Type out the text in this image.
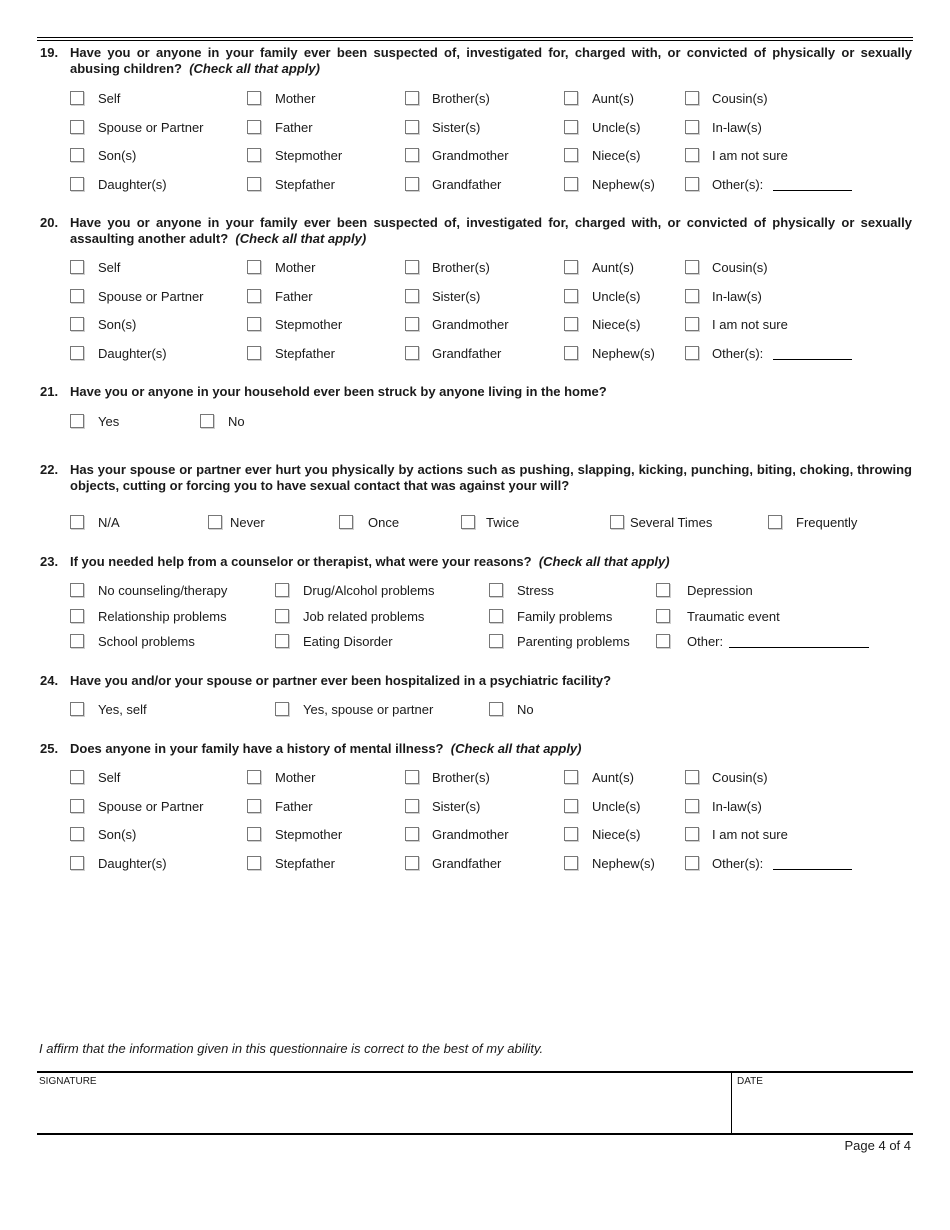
19. Have you or anyone in your family ever been suspected of, investigated for, charged with, or convicted of physically or sexually abusing children? (Check all that apply)
Self	Mother	Brother(s)	Aunt(s)	Cousin(s)
Spouse or Partner	Father	Sister(s)	Uncle(s)	In-law(s)
Son(s)	Stepmother	Grandmother	Niece(s)	I am not sure
Daughter(s)	Stepfather	Grandfather	Nephew(s)	Other(s):
20. Have you or anyone in your family ever been suspected of, investigated for, charged with, or convicted of physically or sexually assaulting another adult? (Check all that apply)
Self	Mother	Brother(s)	Aunt(s)	Cousin(s)
Spouse or Partner	Father	Sister(s)	Uncle(s)	In-law(s)
Son(s)	Stepmother	Grandmother	Niece(s)	I am not sure
Daughter(s)	Stepfather	Grandfather	Nephew(s)	Other(s):
21. Have you or anyone in your household ever been struck by anyone living in the home?
Yes	No
22. Has your spouse or partner ever hurt you physically by actions such as pushing, slapping, kicking, punching, biting, choking, throwing objects, cutting or forcing you to have sexual contact that was against your will?
N/A	Never	Once	Twice	Several Times	Frequently
23. If you needed help from a counselor or therapist, what were your reasons? (Check all that apply)
No counseling/therapy	Drug/Alcohol problems	Stress	Depression
Relationship problems	Job related problems	Family problems	Traumatic event
School problems	Eating Disorder	Parenting problems	Other:
24. Have you and/or your spouse or partner ever been hospitalized in a psychiatric facility?
Yes, self	Yes, spouse or partner	No
25. Does anyone in your family have a history of mental illness? (Check all that apply)
Self	Mother	Brother(s)	Aunt(s)	Cousin(s)
Spouse or Partner	Father	Sister(s)	Uncle(s)	In-law(s)
Son(s)	Stepmother	Grandmother	Niece(s)	I am not sure
Daughter(s)	Stepfather	Grandfather	Nephew(s)	Other(s):
I affirm that the information given in this questionnaire is correct to the best of my ability.
SIGNATURE	DATE
Page 4 of 4
